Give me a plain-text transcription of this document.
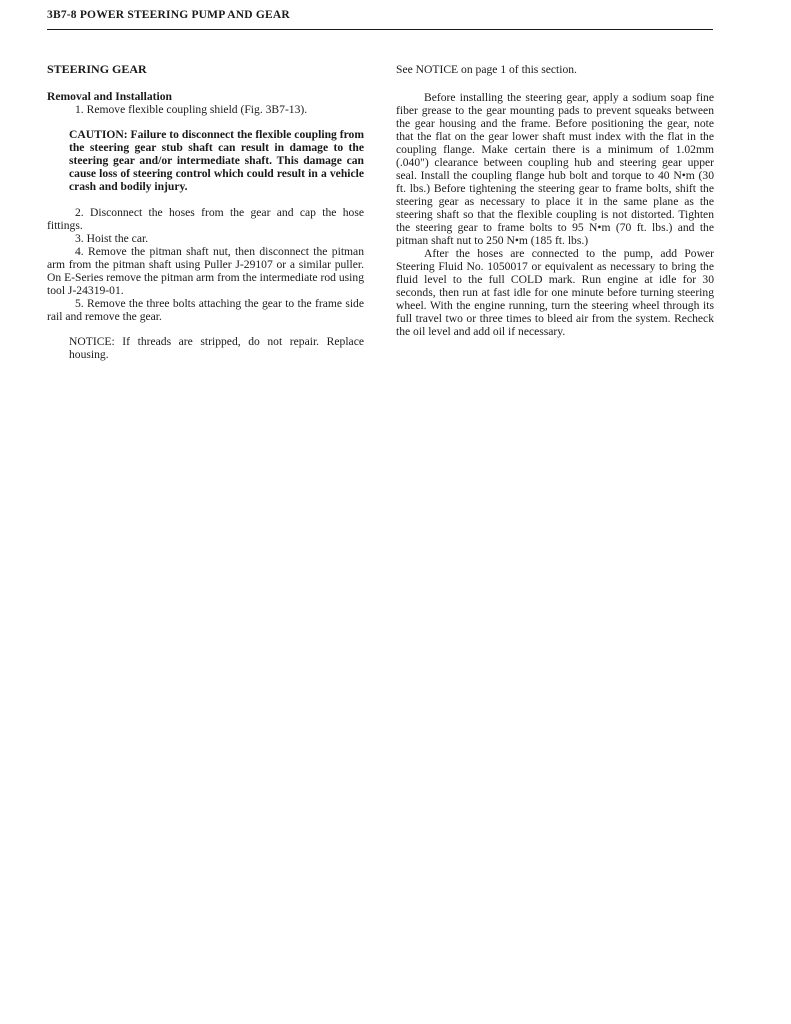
3B7-8 POWER STEERING PUMP AND GEAR

STEERING GEAR

Removal and Installation

1. Remove flexible coupling shield (Fig. 3B7-13).

CAUTION: Failure to disconnect the flexible coupling from the steering gear stub shaft can result in damage to the steering gear and/or intermediate shaft. This damage can cause loss of steering control which could result in a vehicle crash and bodily injury.

2. Disconnect the hoses from the gear and cap the hose fittings.

3. Hoist the car.

4. Remove the pitman shaft nut, then disconnect the pitman arm from the pitman shaft using Puller J-29107 or a similar puller. On E-Series remove the pitman arm from the intermediate rod using tool J-24319-01.

5. Remove the three bolts attaching the gear to the frame side rail and remove the gear.

NOTICE: If threads are stripped, do not repair. Replace housing.

See NOTICE on page 1 of this section.

Before installing the steering gear, apply a sodium soap fine fiber grease to the gear mounting pads to prevent squeaks between the gear housing and the frame. Before positioning the gear, note that the flat on the gear lower shaft must index with the flat in the coupling flange. Make certain there is a minimum of 1.02mm (.040") clearance between coupling hub and steering gear upper seal. Install the coupling flange hub bolt and torque to 40 N•m (30 ft. lbs.) Before tightening the steering gear to frame bolts, shift the steering gear as necessary to place it in the same plane as the steering shaft so that the flexible coupling is not distorted. Tighten the steering gear to frame bolts to 95 N•m (70 ft. lbs.) and the pitman shaft nut to 250 N•m (185 ft. lbs.)

After the hoses are connected to the pump, add Power Steering Fluid No. 1050017 or equivalent as necessary to bring the fluid level to the full COLD mark. Run engine at idle for 30 seconds, then run at fast idle for one minute before turning steering wheel. With the engine running, turn the steering wheel through its full travel two or three times to bleed air from the system. Recheck the oil level and add oil if necessary.
